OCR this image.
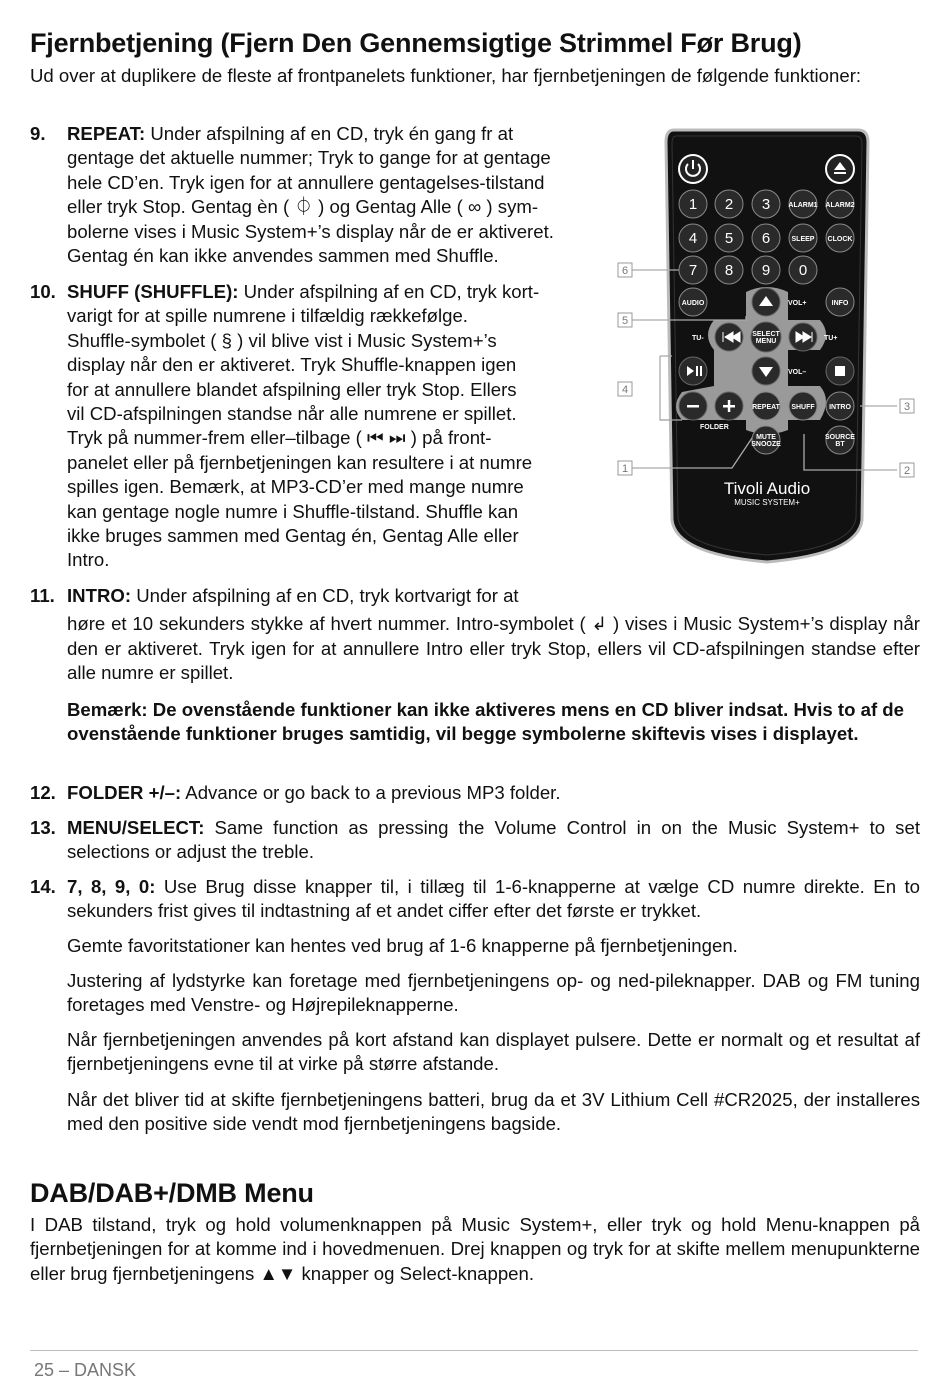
Fjernbetjening (Fjern Den Gennemsigtige Strimmel Før Brug)
Ud over at duplikere de fleste af frontpanelets funktioner, har fjernbetjeningen de følgende funktioner:
9. REPEAT: Under afspilning af en CD, tryk én gang fr at
gentage det aktuelle nummer; Tryk to gange for at gentage
hele CD’en. Tryk igen for at annullere gentagelses-tilstand
eller tryk Stop. Gentag èn ( ⏀ ) og Gentag Alle ( ∞ ) sym-
bolerne vises i Music System+’s display når de er aktiveret.
Gentag én kan ikke anvendes sammen med Shuffle.
10. SHUFF (SHUFFLE): Under afspilning af en CD, tryk kort-
varigt for at spille numrene i tilfældig rækkefølge.
Shuffle-symbolet ( § ) vil blive vist i Music System+’s
display når den er aktiveret. Tryk Shuffle-knappen igen
for at annullere blandet afspilning eller tryk Stop. Ellers
vil CD-afspilningen standse når alle numrene er spillet.
Tryk på nummer-frem eller–tilbage ( ⏮ ⏭ ) på front-
panelet eller på fjernbetjeningen kan resultere i at numre
spilles igen. Bemærk, at MP3-CD’er med mange numre
kan gentage nogle numre i Shuffle-tilstand. Shuffle kan
ikke bruges sammen med Gentag én, Gentag Alle eller
Intro.
11. INTRO: Under afspilning af en CD, tryk kortvarigt for at
høre et 10 sekunders stykke af hvert nummer. Intro-symbolet ( ↲ ) vises i Music System+’s display når den er aktiveret. Tryk igen for at annullere Intro eller tryk Stop, ellers vil CD-afspilningen standse efter alle numre er spillet.
Bemærk: De ovenstående funktioner kan ikke aktiveres mens en CD bliver indsat. Hvis to af de ovenstående funktioner bruges samtidig, vil begge symbolerne skiftevis vises i displayet.
12. FOLDER +/–: Advance or go back to a previous MP3 folder.
13. MENU/SELECT: Same function as pressing the Volume Control in on the Music System+ to set selections or adjust the treble.
14. 7, 8, 9, 0: Use Brug disse knapper til, i tillæg til 1-6-knapperne at vælge CD numre direkte. En to sekunders frist gives til indtastning af et andet ciffer efter det første er trykket.
Gemte favoritstationer kan hentes ved brug af 1-6 knapperne på fjernbetjeningen.
Justering af lydstyrke kan foretage med fjernbetjeningens op- og ned-pileknapper. DAB og FM tuning foretages med Venstre- og Højrepileknapperne.
Når fjernbetjeningen anvendes på kort afstand kan displayet pulsere. Dette er normalt og et resultat af fjernbetjeningens evne til at virke på større afstande.
Når det bliver tid at skifte fjernbetjeningens batteri, brug da et 3V Lithium Cell #CR2025, der installeres med den positive side vendt mod fjernbetjeningens bagside.
DAB/DAB+/DMB Menu
I DAB tilstand, tryk og hold volumenknappen på Music System+, eller tryk og hold Menu-knappen på fjernbetjeningen for at komme ind i hovedmenuen. Drej knappen og tryk for at skifte mellem menupunkterne eller brug fjernbetjeningens ▲▼ knapper og Select-knappen.
6
5
4
3
1	2
1 2 3
4 5 6
7 8 9 0
ALARM1 ALARM2
SLEEP CLOCK
AUDIO	INFO
REPEAT SHUFF INTRO
MUTE
SNOOZE
SOURCE
BT
SELECT
MENU
VOL+
VOL–
TU-	TU+
FOLDER
Tivoli Audio
MUSIC SYSTEM+
25 – DANSK
